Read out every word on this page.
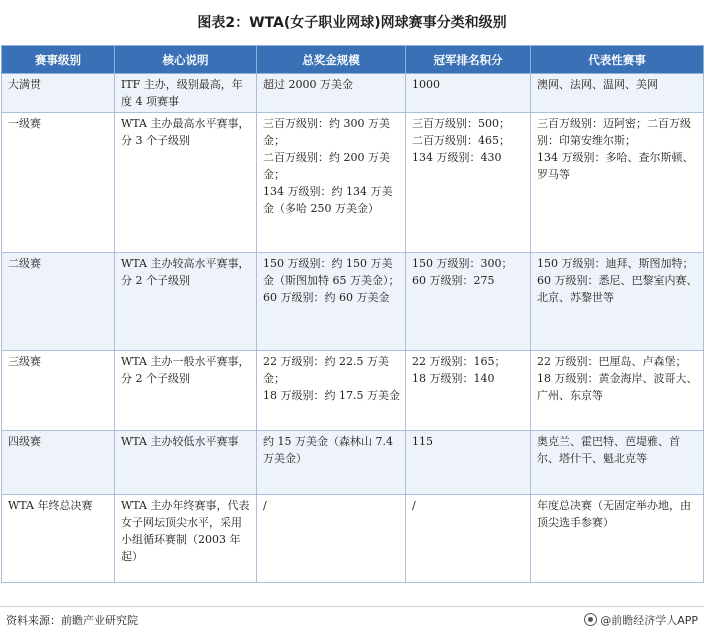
图表2：WTA(女子职业网球)网球赛事分类和级别
赛事级别	核心说明	总奖金规模	冠军排名积分	代表性赛事
大满贯	ITF 主办，级别最高，年度 4 项赛事	超过 2000 万美金	1000	澳网、法网、温网、美网

一级赛	WTA 主办最高水平赛事，分 3 个子级别	三百万级别：约 300 万美金；
二百万级别：约 200 万美金；
134 万级别：约 134 万美金（多哈 250 万美金）	三百万级别：500；
二百万级别：465；
134 万级别：430	三百万级别：迈阿密；二百万级别：印第安维尔斯；
134 万级别：多哈、查尔斯顿、罗马等

二级赛	WTA 主办较高水平赛事，分 2 个子级别	150 万级别：约 150 万美金（斯图加特 65 万美金）；
60 万级别：约 60 万美金	150 万级别：300；
60 万级别：275	150 万级别：迪拜、斯图加特；
60 万级别：悉尼、巴黎室内赛、北京、苏黎世等

三级赛	WTA 主办一般水平赛事，分 2 个子级别	22 万级别：约 22.5 万美金；
18 万级别：约 17.5 万美金	22 万级别：165；
18 万级别：140	22 万级别：巴厘岛、卢森堡；
18 万级别：黄金海岸、波哥大、广州、东京等

四级赛	WTA 主办较低水平赛事	约 15 万美金（森林山 7.4 万美金）	115	奥克兰、霍巴特、芭堤雅、首尔、塔什干、魁北克等

WTA 年终总决赛	WTA 主办年终赛事，代表女子网坛顶尖水平，采用小组循环赛制（2003 年起）	/	/	年度总决赛（无固定举办地，由顶尖选手参赛）
资料来源：前瞻产业研究院	@前瞻经济学人APP
